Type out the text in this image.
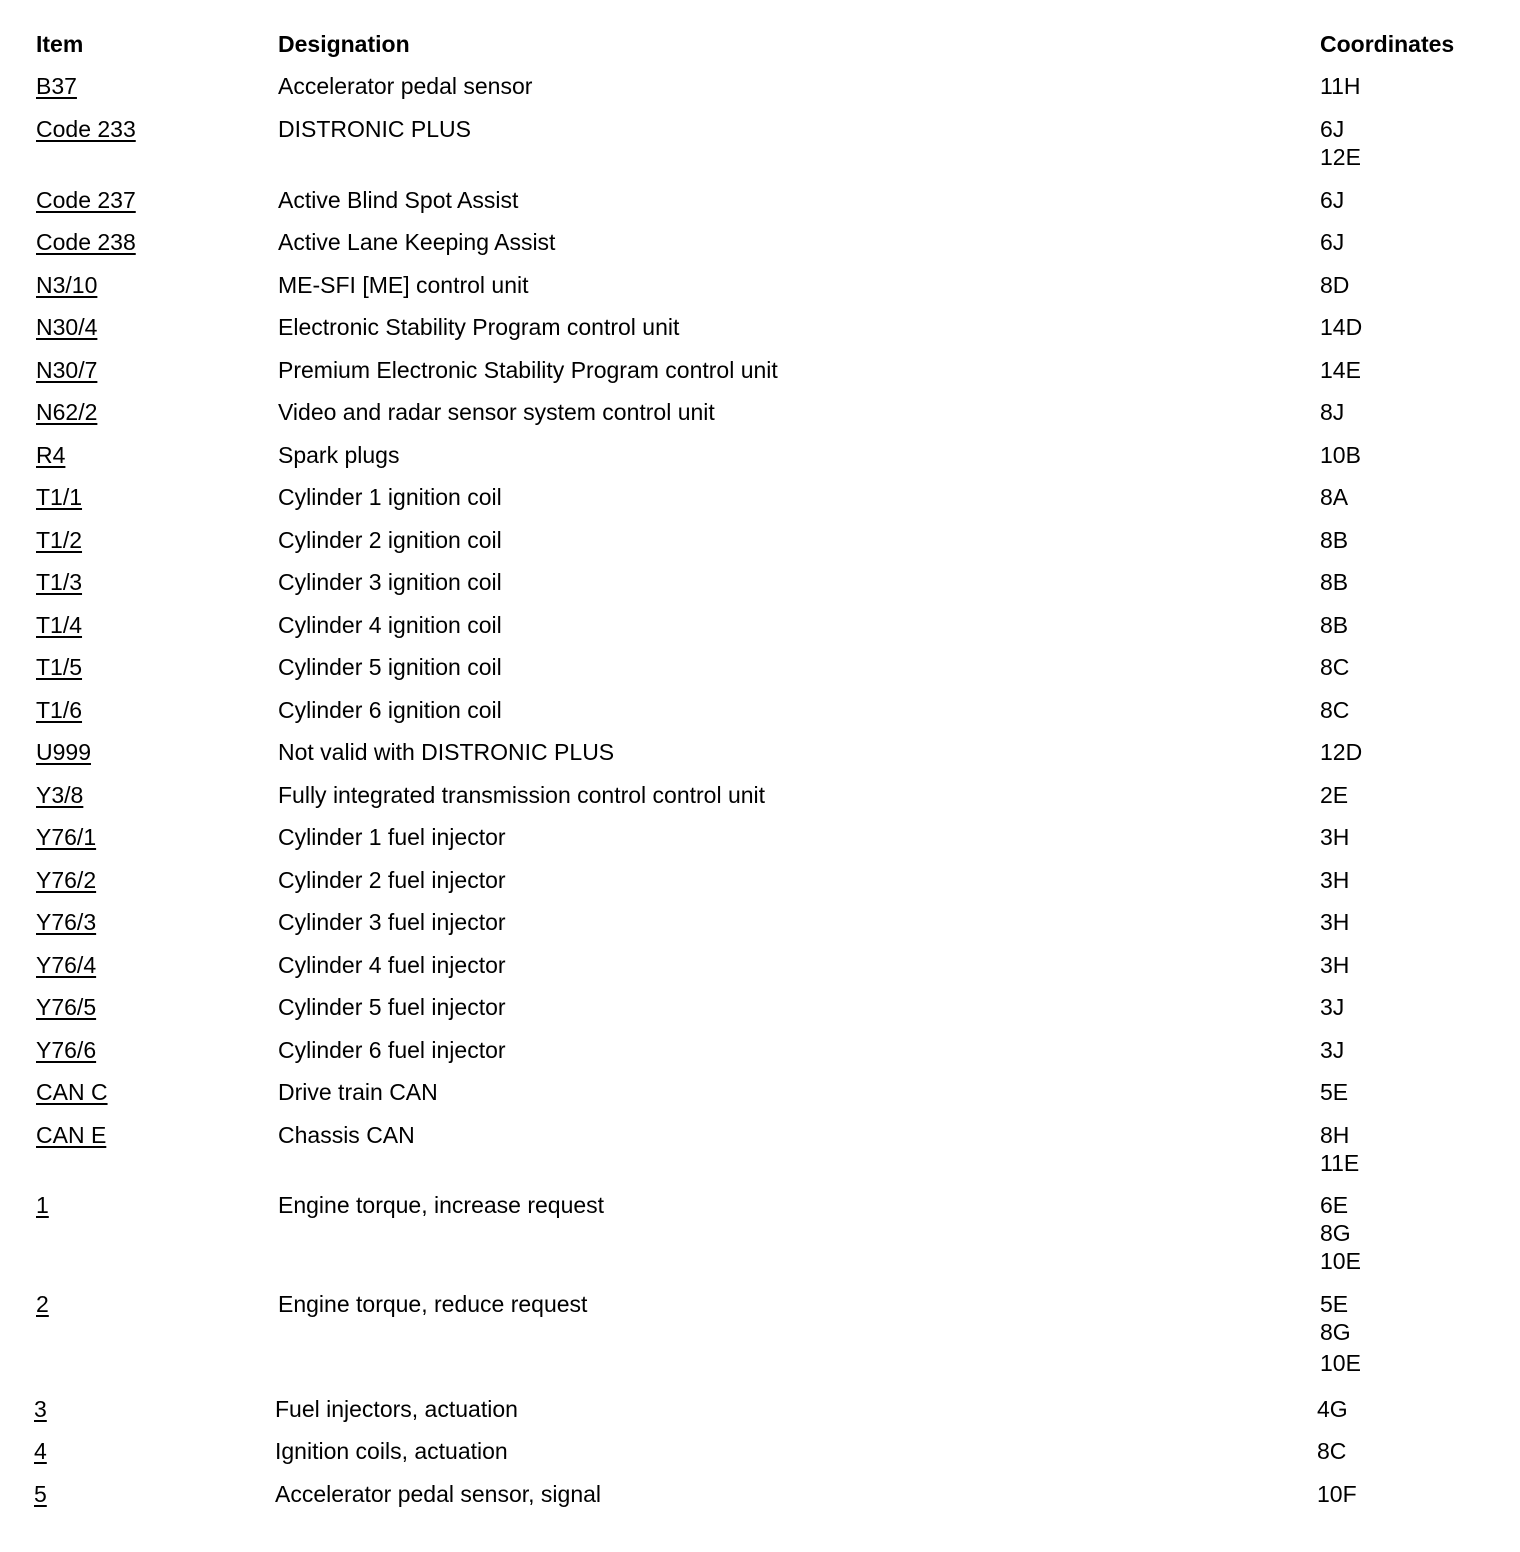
Item	Designation	Coordinates
B37	Accelerator pedal sensor	11H
Code 233	DISTRONIC PLUS	6J
12E
Code 237	Active Blind Spot Assist	6J
Code 238	Active Lane Keeping Assist	6J
N3/10	ME-SFI [ME] control unit	8D
N30/4	Electronic Stability Program control unit	14D
N30/7	Premium Electronic Stability Program control unit	14E
N62/2	Video and radar sensor system control unit	8J
R4	Spark plugs	10B
T1/1	Cylinder 1 ignition coil	8A
T1/2	Cylinder 2 ignition coil	8B
T1/3	Cylinder 3 ignition coil	8B
T1/4	Cylinder 4 ignition coil	8B
T1/5	Cylinder 5 ignition coil	8C
T1/6	Cylinder 6 ignition coil	8C
U999	Not valid with DISTRONIC PLUS	12D
Y3/8	Fully integrated transmission control control unit	2E
Y76/1	Cylinder 1 fuel injector	3H
Y76/2	Cylinder 2 fuel injector	3H
Y76/3	Cylinder 3 fuel injector	3H
Y76/4	Cylinder 4 fuel injector	3H
Y76/5	Cylinder 5 fuel injector	3J
Y76/6	Cylinder 6 fuel injector	3J
CAN C	Drive train CAN	5E
CAN E	Chassis CAN	8H
11E
1	Engine torque, increase request	6E
8G
10E
2	Engine torque, reduce request	5E
8G
10E
3	Fuel injectors, actuation	4G
4	Ignition coils, actuation	8C
5	Accelerator pedal sensor, signal	10F
